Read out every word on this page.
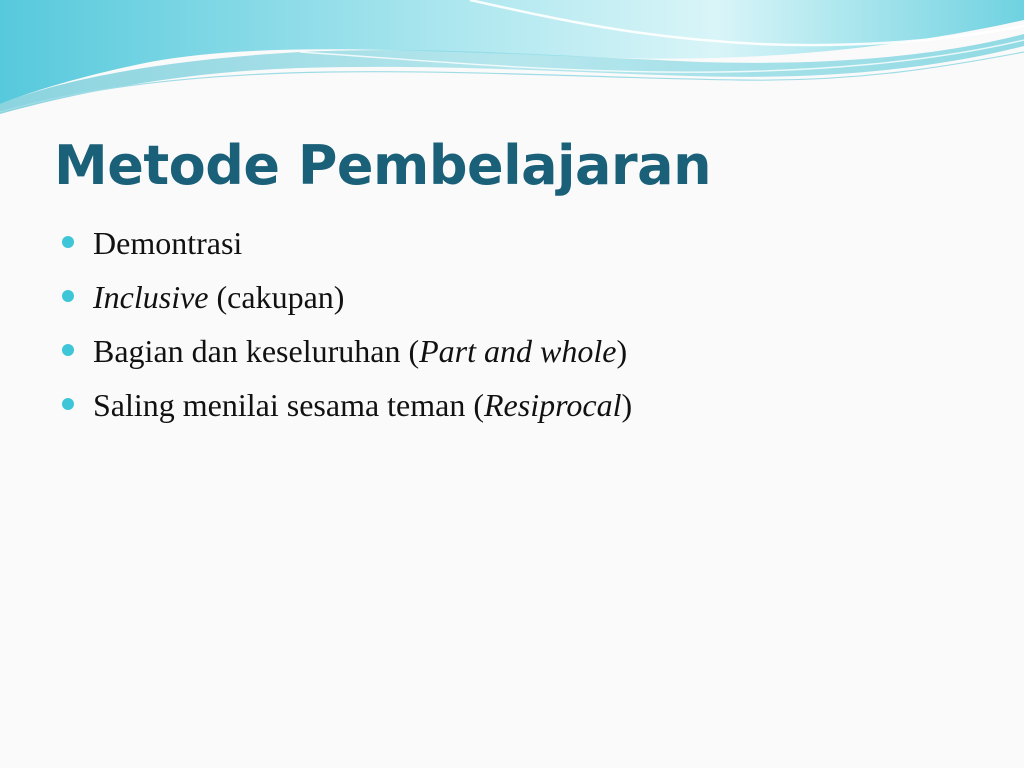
Metode Pembelajaran
Demontrasi
Inclusive (cakupan)
Bagian dan keseluruhan (Part and whole)
Saling menilai sesama teman (Resiprocal)
